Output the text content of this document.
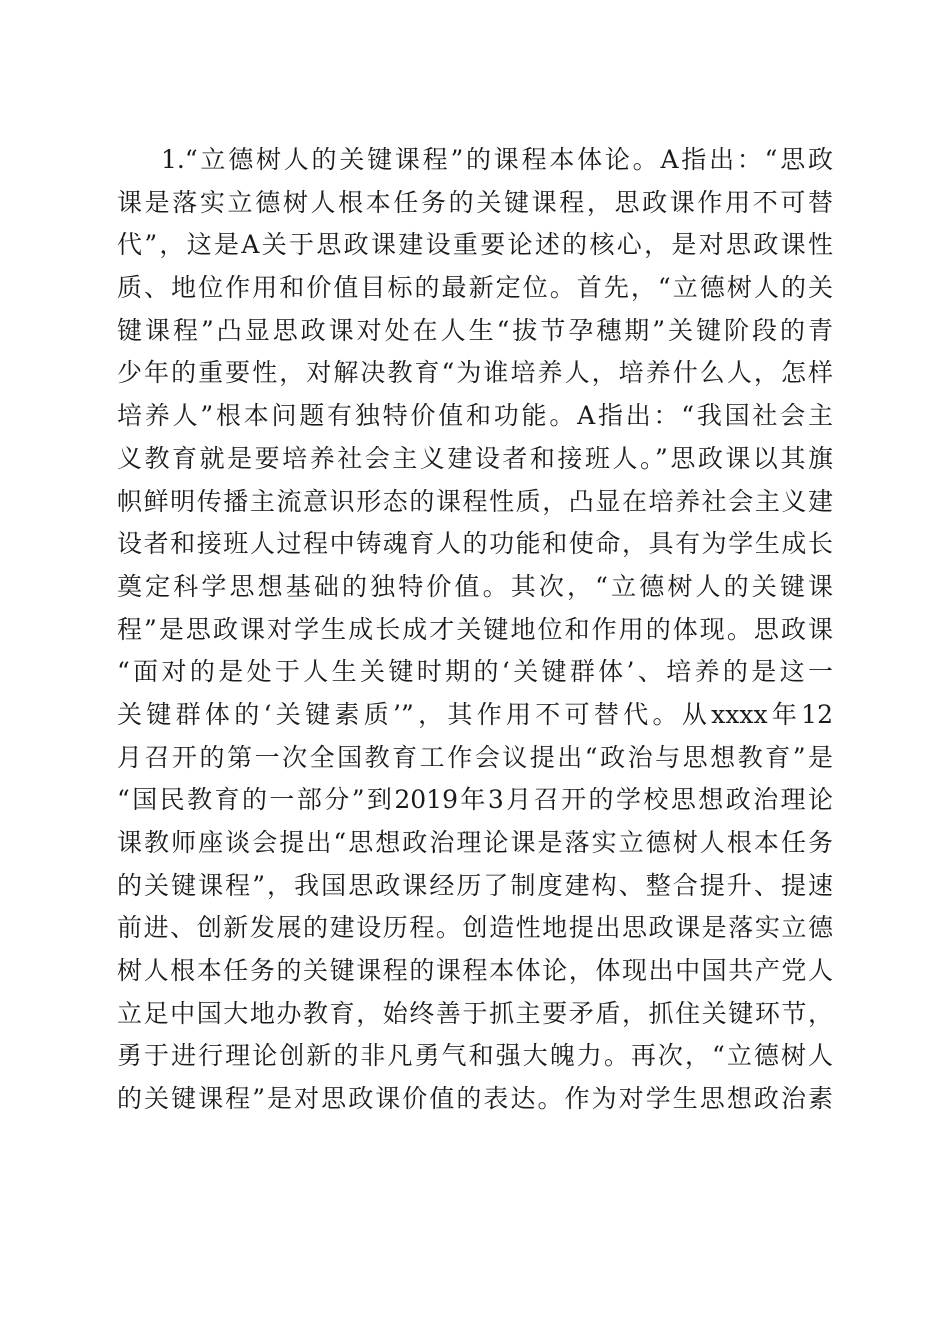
1.“立德树人的关键课程”的课程本体论。A指出：“思政
课是落实立德树人根本任务的关键课程，思政课作用不可替
代”，这是A关于思政课建设重要论述的核心，是对思政课性
质、地位作用和价值目标的最新定位。首先，“立德树人的关
键课程”凸显思政课对处在人生“拔节孕穗期”关键阶段的青
少年的重要性，对解决教育“为谁培养人，培养什么人，怎样
培养人”根本问题有独特价值和功能。A指出：“我国社会主
义教育就是要培养社会主义建设者和接班人。”思政课以其旗
帜鲜明传播主流意识形态的课程性质，凸显在培养社会主义建
设者和接班人过程中铸魂育人的功能和使命，具有为学生成长
奠定科学思想基础的独特价值。其次，“立德树人的关键课
程”是思政课对学生成长成才关键地位和作用的体现。思政课
“面对的是处于人生关键时期的‘关键群体’、培养的是这一
关键群体的‘关键素质’”，其作用不可替代。从xxxx年12
月召开的第一次全国教育工作会议提出“政治与思想教育”是
“国民教育的一部分”到2019年3月召开的学校思想政治理论
课教师座谈会提出“思想政治理论课是落实立德树人根本任务
的关键课程”，我国思政课经历了制度建构、整合提升、提速
前进、创新发展的建设历程。创造性地提出思政课是落实立德
树人根本任务的关键课程的课程本体论，体现出中国共产党人
立足中国大地办教育，始终善于抓主要矛盾，抓住关键环节，
勇于进行理论创新的非凡勇气和强大魄力。再次，“立德树人
的关键课程”是对思政课价值的表达。作为对学生思想政治素
